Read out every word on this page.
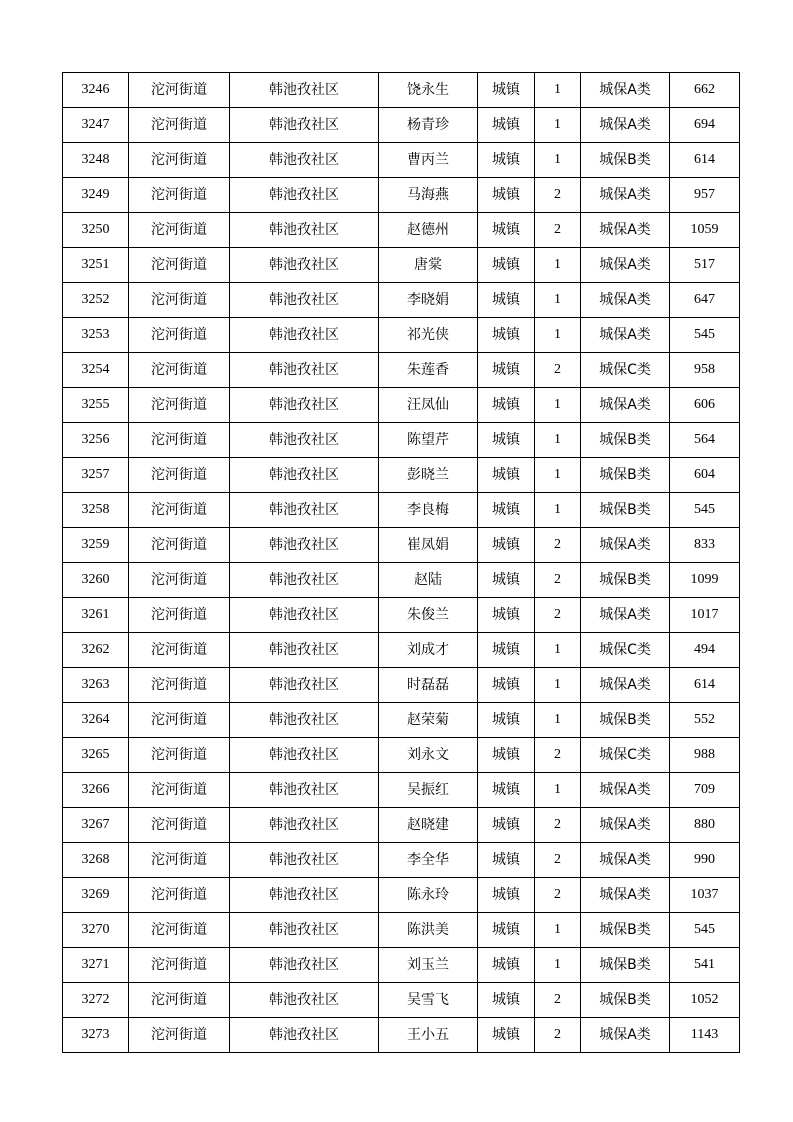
3246	沱河街道	韩池孜社区	饶永生	城镇	1	城保A类	662
3247	沱河街道	韩池孜社区	杨青珍	城镇	1	城保A类	694
3248	沱河街道	韩池孜社区	曹丙兰	城镇	1	城保B类	614
3249	沱河街道	韩池孜社区	马海燕	城镇	2	城保A类	957
3250	沱河街道	韩池孜社区	赵德州	城镇	2	城保A类	1059
3251	沱河街道	韩池孜社区	唐棠	城镇	1	城保A类	517
3252	沱河街道	韩池孜社区	李晓娟	城镇	1	城保A类	647
3253	沱河街道	韩池孜社区	祁光侠	城镇	1	城保A类	545
3254	沱河街道	韩池孜社区	朱莲香	城镇	2	城保C类	958
3255	沱河街道	韩池孜社区	汪凤仙	城镇	1	城保A类	606
3256	沱河街道	韩池孜社区	陈望芹	城镇	1	城保B类	564
3257	沱河街道	韩池孜社区	彭晓兰	城镇	1	城保B类	604
3258	沱河街道	韩池孜社区	李良梅	城镇	1	城保B类	545
3259	沱河街道	韩池孜社区	崔凤娟	城镇	2	城保A类	833
3260	沱河街道	韩池孜社区	赵陆	城镇	2	城保B类	1099
3261	沱河街道	韩池孜社区	朱俊兰	城镇	2	城保A类	1017
3262	沱河街道	韩池孜社区	刘成才	城镇	1	城保C类	494
3263	沱河街道	韩池孜社区	时磊磊	城镇	1	城保A类	614
3264	沱河街道	韩池孜社区	赵荣菊	城镇	1	城保B类	552
3265	沱河街道	韩池孜社区	刘永文	城镇	2	城保C类	988
3266	沱河街道	韩池孜社区	吴振红	城镇	1	城保A类	709
3267	沱河街道	韩池孜社区	赵晓建	城镇	2	城保A类	880
3268	沱河街道	韩池孜社区	李全华	城镇	2	城保A类	990
3269	沱河街道	韩池孜社区	陈永玲	城镇	2	城保A类	1037
3270	沱河街道	韩池孜社区	陈洪美	城镇	1	城保B类	545
3271	沱河街道	韩池孜社区	刘玉兰	城镇	1	城保B类	541
3272	沱河街道	韩池孜社区	吴雪飞	城镇	2	城保B类	1052
3273	沱河街道	韩池孜社区	王小五	城镇	2	城保A类	1143
